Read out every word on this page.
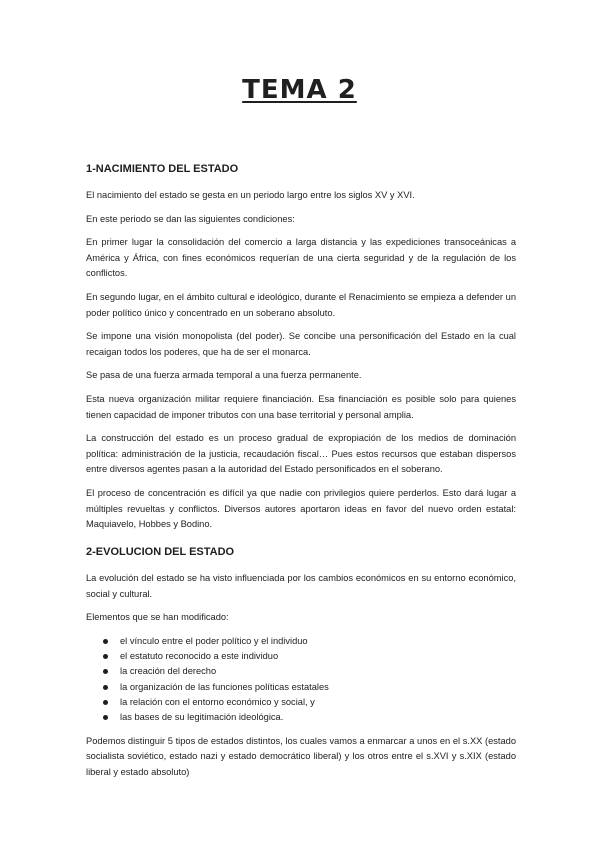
TEMA 2
1-NACIMIENTO DEL ESTADO

El nacimiento del estado se gesta en un periodo largo entre los siglos XV y XVI.

En este periodo se dan las siguientes condiciones:

En primer lugar la consolidación del comercio a larga distancia y las expediciones transoceánicas a América y África, con fines económicos requerían de una cierta seguridad y de la regulación de los conflictos.

En segundo lugar, en el ámbito cultural e ideológico, durante el Renacimiento se empieza a defender un poder político único y concentrado en un soberano absoluto.

Se impone una visión monopolista (del poder). Se concibe una personificación del Estado en la cual recaigan todos los poderes, que ha de ser el monarca.

Se pasa de una fuerza armada temporal a una fuerza permanente.

Esta nueva organización militar requiere financiación. Esa financiación es posible solo para quienes tienen capacidad de imponer tributos con una base territorial y personal amplia.

La construcción del estado es un proceso gradual de expropiación de los medios de dominación política: administración de la justicia, recaudación fiscal… Pues estos recursos que estaban dispersos entre diversos agentes pasan a la autoridad del Estado personificados en el soberano.

El proceso de concentración es difícil ya que nadie con privilegios quiere perderlos. Esto dará lugar a múltiples revueltas y conflictos. Diversos autores aportaron ideas en favor del nuevo orden estatal: Maquiavelo, Hobbes y Bodino.

2-EVOLUCION DEL ESTADO

La evolución del estado se ha visto influenciada por los cambios económicos en su entorno económico, social y cultural.

Elementos que se han modificado:

el vínculo entre el poder político y el individuo
el estatuto reconocido a este individuo
la creación del derecho
la organización de las funciones políticas estatales
la relación con el entorno económico y social, y
las bases de su legitimación ideológica.

Podemos distinguir 5 tipos de estados distintos, los cuales vamos a enmarcar a unos en el s.XX (estado socialista soviético, estado nazi y estado democrático liberal) y los otros entre el s.XVI y s.XIX (estado liberal y estado absoluto)
